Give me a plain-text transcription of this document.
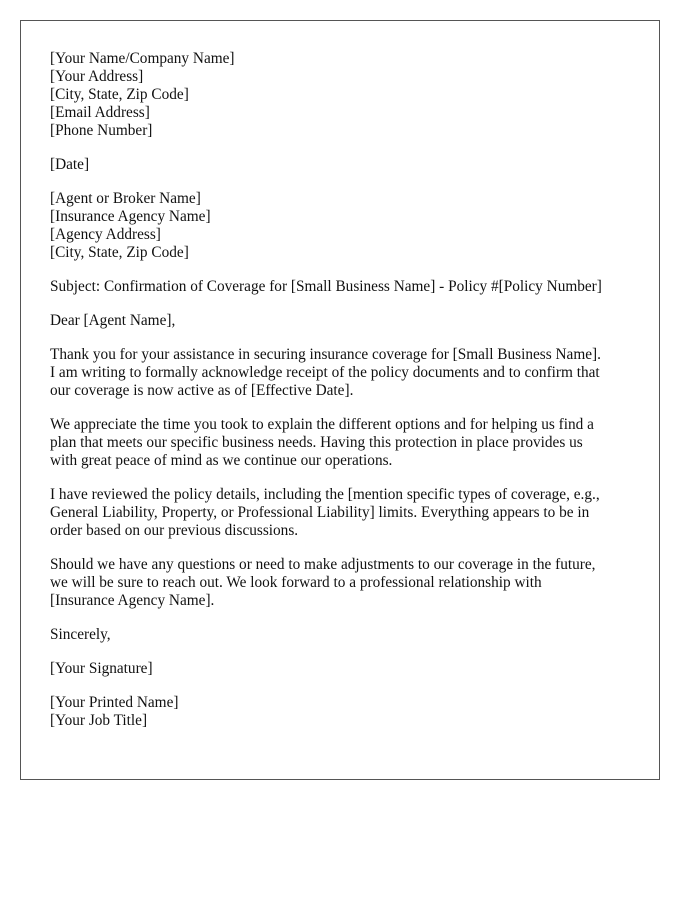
[Your Name/Company Name]
[Your Address]
[City, State, Zip Code]
[Email Address]
[Phone Number]
[Date]
[Agent or Broker Name]
[Insurance Agency Name]
[Agency Address]
[City, State, Zip Code]
Subject: Confirmation of Coverage for [Small Business Name] - Policy #[Policy Number]
Dear [Agent Name],
Thank you for your assistance in securing insurance coverage for [Small Business Name].
I am writing to formally acknowledge receipt of the policy documents and to confirm that
our coverage is now active as of [Effective Date].
We appreciate the time you took to explain the different options and for helping us find a
plan that meets our specific business needs. Having this protection in place provides us
with great peace of mind as we continue our operations.
I have reviewed the policy details, including the [mention specific types of coverage, e.g.,
General Liability, Property, or Professional Liability] limits. Everything appears to be in
order based on our previous discussions.
Should we have any questions or need to make adjustments to our coverage in the future,
we will be sure to reach out. We look forward to a professional relationship with
[Insurance Agency Name].
Sincerely,
[Your Signature]
[Your Printed Name]
[Your Job Title]
